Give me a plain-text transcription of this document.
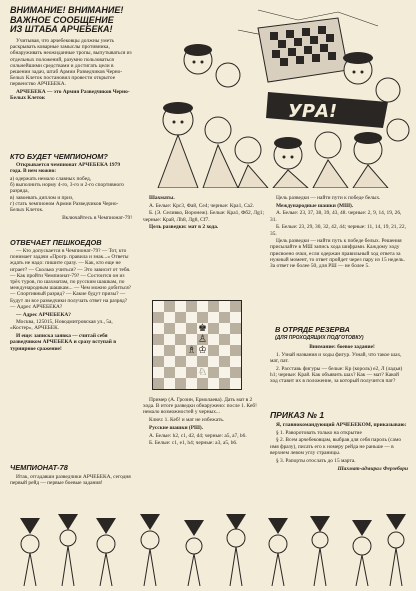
ВНИМАНИЕ! ВНИМАНИЕ!
ВАЖНОЕ СООБЩЕНИЕ
ИЗ ШТАБА АРЧЕБЕКА!

Учитывая, что арчебековцы должны уметь раскрывать коварные замыслы противника, обнаруживать неожиданные тропы, выпутываться из отдельных положений, разумно пользоваться сильнейшими средствами и достигать цели в решении задач, штаб Армии Разведчиков Черно-Белых Клеток постановил провести открытое первенство АРЧЕБЕКА.

АРЧЕБЕКА — это Армия Разведчиков Черно-Белых Клеток

КТО БУДЕТ ЧЕМПИОНОМ?

Открывается чемпионат АРЧЕБЕКА 1979 года. В нем можно:

а) одержать немало славных побед,
б) выполнить норму 4-го, 3-го и 2-го спортивного разряда,
в) завоевать диплом и приз,
г) стать чемпионом Армии Разведчиков Черно-Белых Клеток.
Включайтесь в Чемпионат-79!
ОТВЕЧАЕТ ПЕШКОЕДОВ

— Кто допускается в Чемпионат-79? — Тот, кто понимает задачи «Прогр. правила и знак...» Ответы ждать не надо: пишите сразу. — Как, кто еще не играет? — Сколько учиться? — Это зависит от тебя. — Как пройти Чемпионат-79? — Состоится он из трёх туров, по шахматам, по русским шашкам, по международным шашкам... — Чем можно добиться? — Спортивный разряд? — Какие будут призы? — Будут ли все разведчики получать ответ на разряд? — Адрес АРЧЕБЕКА?

— Адрес АРЧЕБЕКА?

Москва, 125015, Новодмитровская ул., 5а, «Костер», АРЧЕБЕК.

И еще: записка заявка — считай себя разведчиком АРЧЕБЕКА и сразу вступай в турнирное сражение!

ЧЕМПИОНАТ-78

Итак, отгадавши разведчики АРЧЕБЕКА, сегодня первый рейд — первые боевые задания!

УРА!

Шахматы.

А. Белые: Крс3, Фа8, Се4; черные: Кра1, Са2.

Б. (Э. Селивко, Воронеж). Белые: Кра1, Фб2, Лg1; черные: Кра8, Лh8, Лg8, Сf7.

Цель разведки: мат в 2 хода.

♚
♙
♗ ♔
♘

Пример (А. Грозин, Ермолаева). Дать мат в 2 хода. В итоге разведки обнаружено: после 1. Кеб! немало возможностей у черных...

Ключ: 1. Кеб! и мат не избежать.

Русские шашки (РШ).

А. Белые: h2, c1, d2, d4; черные: a5, a7, b6.

Б. Белые: c1, e1, h4; черные: a3, a5, b6.

Цель разведки — найти пути к победе белых.

Международные шашки (МШ).

А. Белые: 23, 37, 38, 39, 43, 48. черные: 2, 9, 14, 19, 26, 31.

Б. Белые: 23, 29, 30, 32, 42, 44; черные: 11, 14, 19, 21, 22, 35.

Цель разведки — найти путь к победе белых. Решения присылайте в МШ запись хода шифрами. Каждому ходу присвоено очки, если одержан правильный ход ответа за нужный момент, то ответ пройдет через пару из 15 недель. За ответ не более 50, для РШ — не более 5.

В ОТРЯДЕ РЕЗЕРВА
(ДЛЯ ПРОХОДЯЩИХ ПОДГОТОВКУ)

Внимание: боевое задание!

1. Узнай названия и ходы фигур. Узнай, что такое шах, мат, пат.

2. Расставь фигуры — белые: Кр (король) е2, Л (ладья) h1; черные: Кра8. Как объявить шах? Как — мат? Какой ход ставит их в положение, за который получится пат?

ПРИКАЗ № 1

Я, главнокомандующий АРЧЕБЕКОМ, приказываю:

§ 1. Раворотовать только на открытие

§ 2. Всем арчебековцам, выбрав для себя пароль (само имя фразу), писать его к номеру рейда не раньше — в верхнем левом углу страницы.

§ 3. Рапорты отослать до 15 марта.

Шахмат-адмирал Ферзебори
